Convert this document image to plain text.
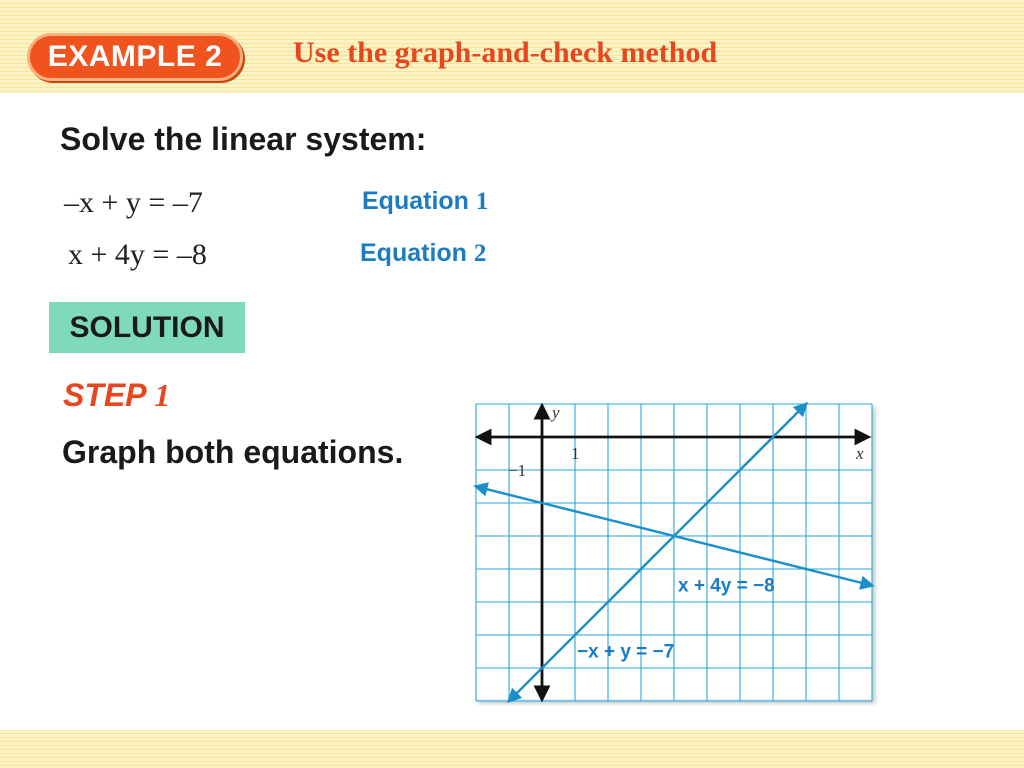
EXAMPLE 2 Use the graph-and-check method
Solve the linear system:
–x + y = –7
x + 4y = –8
Equation 1
Equation 2
SOLUTION
STEP 1
Graph both equations.
y
x
1
−1
x + 4y = −8
−x + y = −7
